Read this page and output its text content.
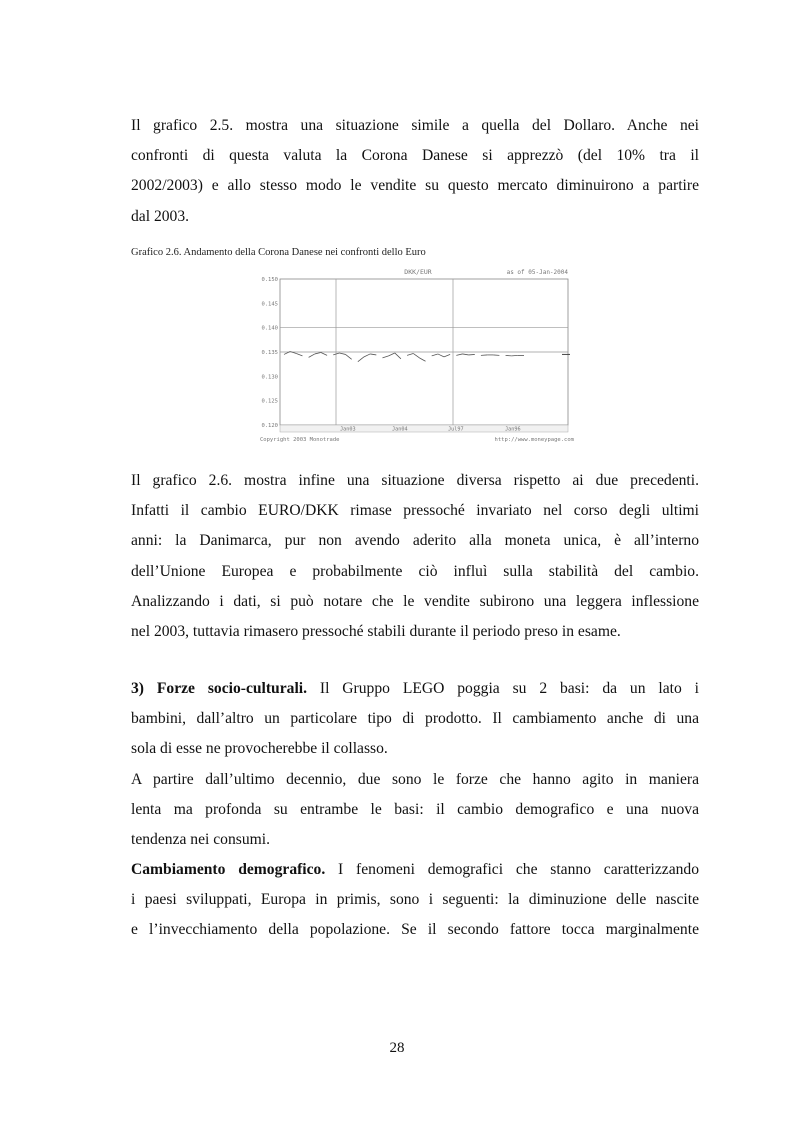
Il grafico 2.5. mostra una situazione simile a quella del Dollaro. Anche nei
confronti di questa valuta la Corona Danese si apprezzò (del 10% tra il
2002/2003) e allo stesso modo le vendite su questo mercato diminuirono a partire
dal 2003.
Grafico 2.6. Andamento della Corona Danese nei confronti dello Euro
0.150
0.145
0.140
0.135
0.130
0.125
0.120
DKK/EUR	as of 05-Jan-2004
Jan03	Jan04	Jul97	Jan96
Copyright 2003 Monotrade	http://www.moneypage.com
Il grafico 2.6. mostra infine una situazione diversa rispetto ai due precedenti.
Infatti il cambio EURO/DKK rimase pressoché invariato nel corso degli ultimi
anni: la Danimarca, pur non avendo aderito alla moneta unica, è all’interno
dell’Unione Europea e probabilmente ciò influì sulla stabilità del cambio.
Analizzando i dati, si può notare che le vendite subirono una leggera inflessione
nel 2003, tuttavia rimasero pressoché stabili durante il periodo preso in esame.
3) Forze socio-culturali. Il Gruppo LEGO poggia su 2 basi: da un lato i
bambini, dall’altro un particolare tipo di prodotto. Il cambiamento anche di una
sola di esse ne provocherebbe il collasso.
A partire dall’ultimo decennio, due sono le forze che hanno agito in maniera
lenta ma profonda su entrambe le basi: il cambio demografico e una nuova
tendenza nei consumi.
Cambiamento demografico. I fenomeni demografici che stanno caratterizzando
i paesi sviluppati, Europa in primis, sono i seguenti: la diminuzione delle nascite
e l’invecchiamento della popolazione. Se il secondo fattore tocca marginalmente
28
